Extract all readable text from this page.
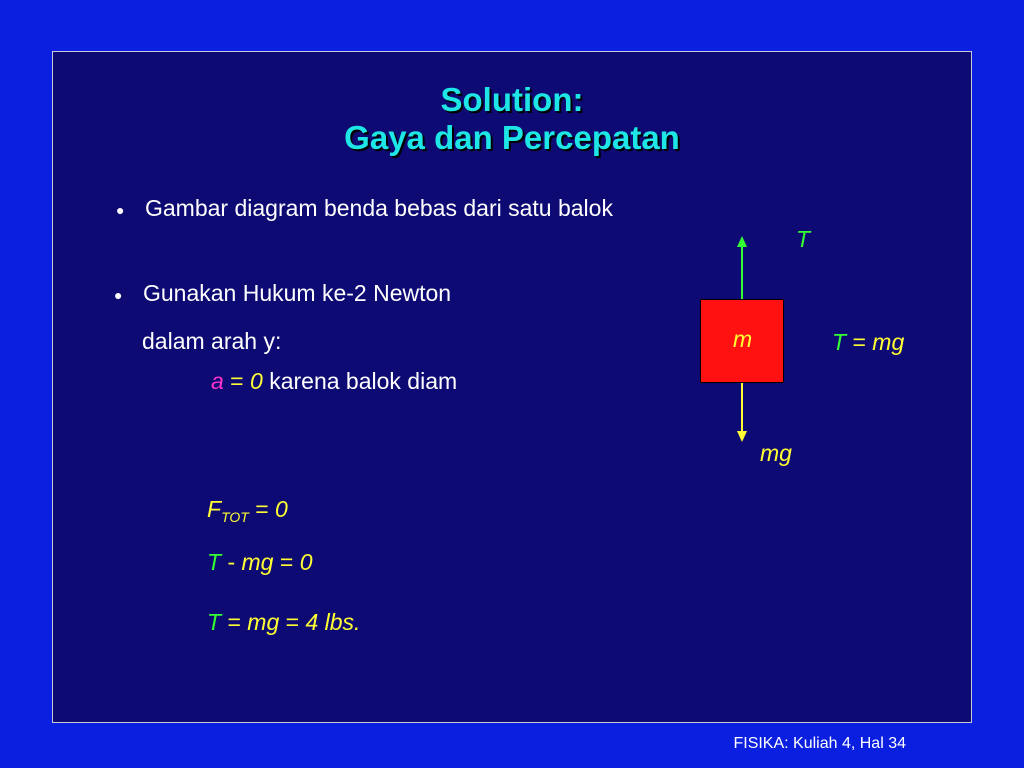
Solution:
Gaya dan Percepatan
● Gambar diagram benda bebas dari satu balok
● Gunakan Hukum ke-2 Newton
dalam arah y:
a = 0 karena balok diam
m
T
mg
T = mg
$F_{TOT} = 0$
T - mg = 0
T = mg = 4 lbs.
FISIKA: Kuliah 4, Hal 34
